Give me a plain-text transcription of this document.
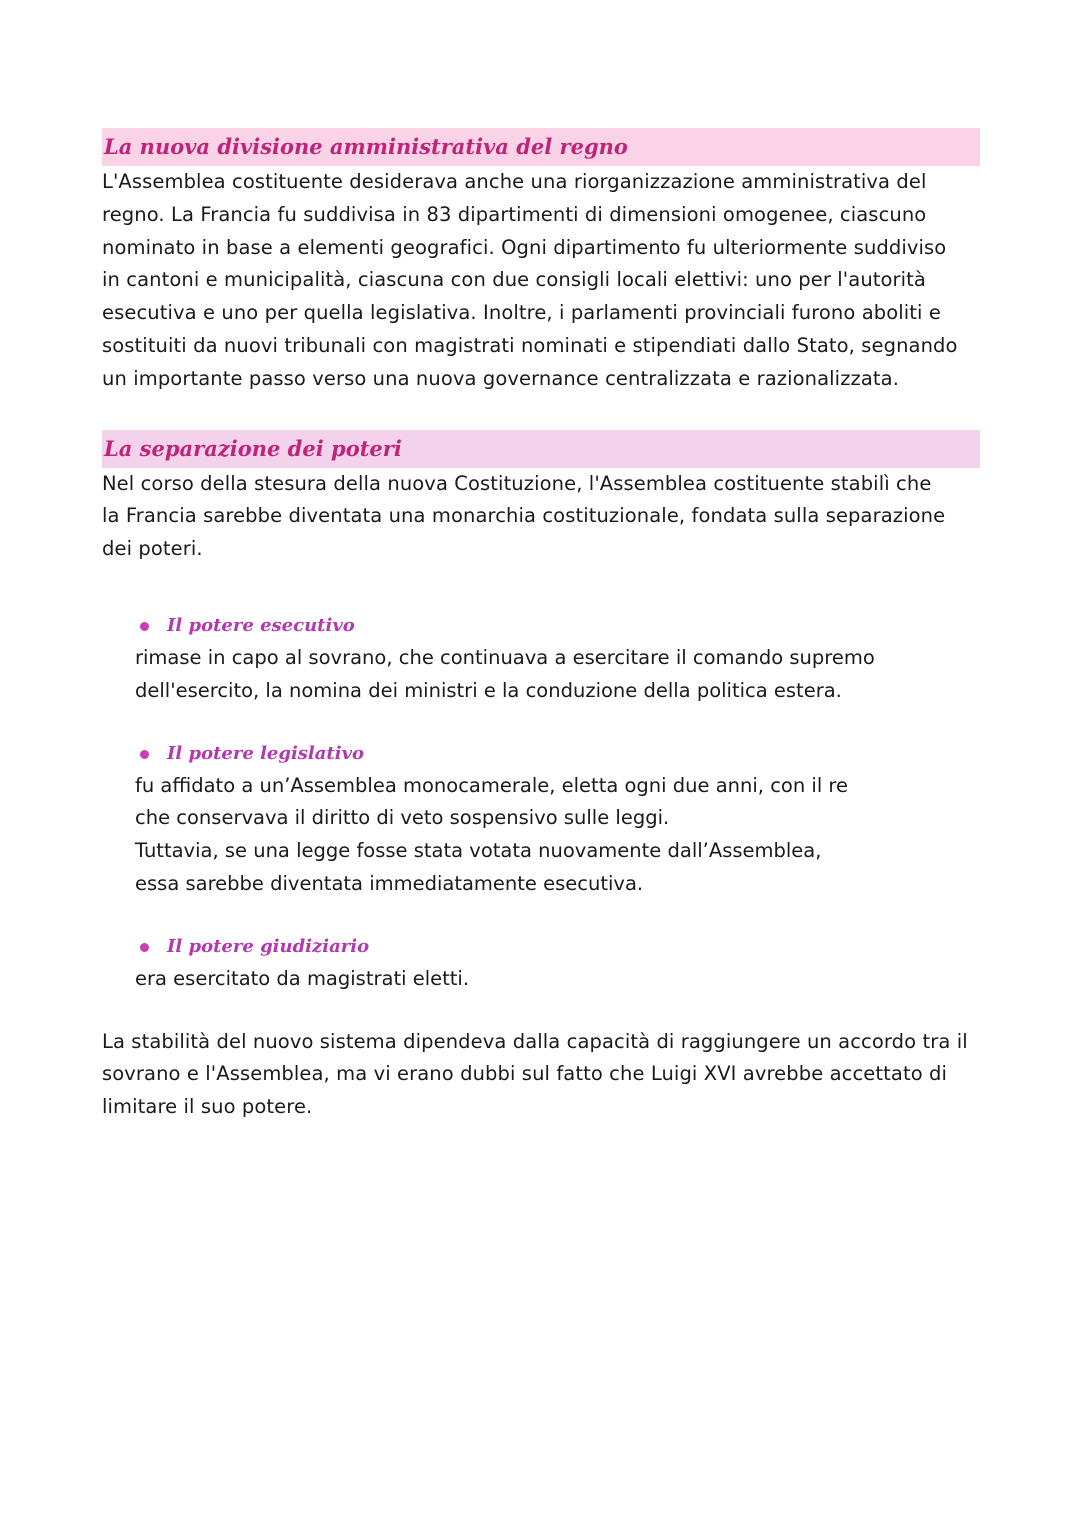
La nuova divisione amministrativa del regno
L'Assemblea costituente desiderava anche una riorganizzazione amministrativa del
regno. La Francia fu suddivisa in 83 dipartimenti di dimensioni omogenee, ciascuno
nominato in base a elementi geografici. Ogni dipartimento fu ulteriormente suddiviso
in cantoni e municipalità, ciascuna con due consigli locali elettivi: uno per l'autorità
esecutiva e uno per quella legislativa. Inoltre, i parlamenti provinciali furono aboliti e
sostituiti da nuovi tribunali con magistrati nominati e stipendiati dallo Stato, segnando
un importante passo verso una nuova governance centralizzata e razionalizzata.
La separazione dei poteri
Nel corso della stesura della nuova Costituzione, l'Assemblea costituente stabilì che
la Francia sarebbe diventata una monarchia costituzionale, fondata sulla separazione
dei poteri.
Il potere esecutivo
rimase in capo al sovrano, che continuava a esercitare il comando supremo
dell'esercito, la nomina dei ministri e la conduzione della politica estera.
Il potere legislativo
fu affidato a un’Assemblea monocamerale, eletta ogni due anni, con il re
che conservava il diritto di veto sospensivo sulle leggi.
Tuttavia, se una legge fosse stata votata nuovamente dall’Assemblea,
essa sarebbe diventata immediatamente esecutiva.
Il potere giudiziario
era esercitato da magistrati eletti.
La stabilità del nuovo sistema dipendeva dalla capacità di raggiungere un accordo tra il
sovrano e l'Assemblea, ma vi erano dubbi sul fatto che Luigi XVI avrebbe accettato di
limitare il suo potere.
